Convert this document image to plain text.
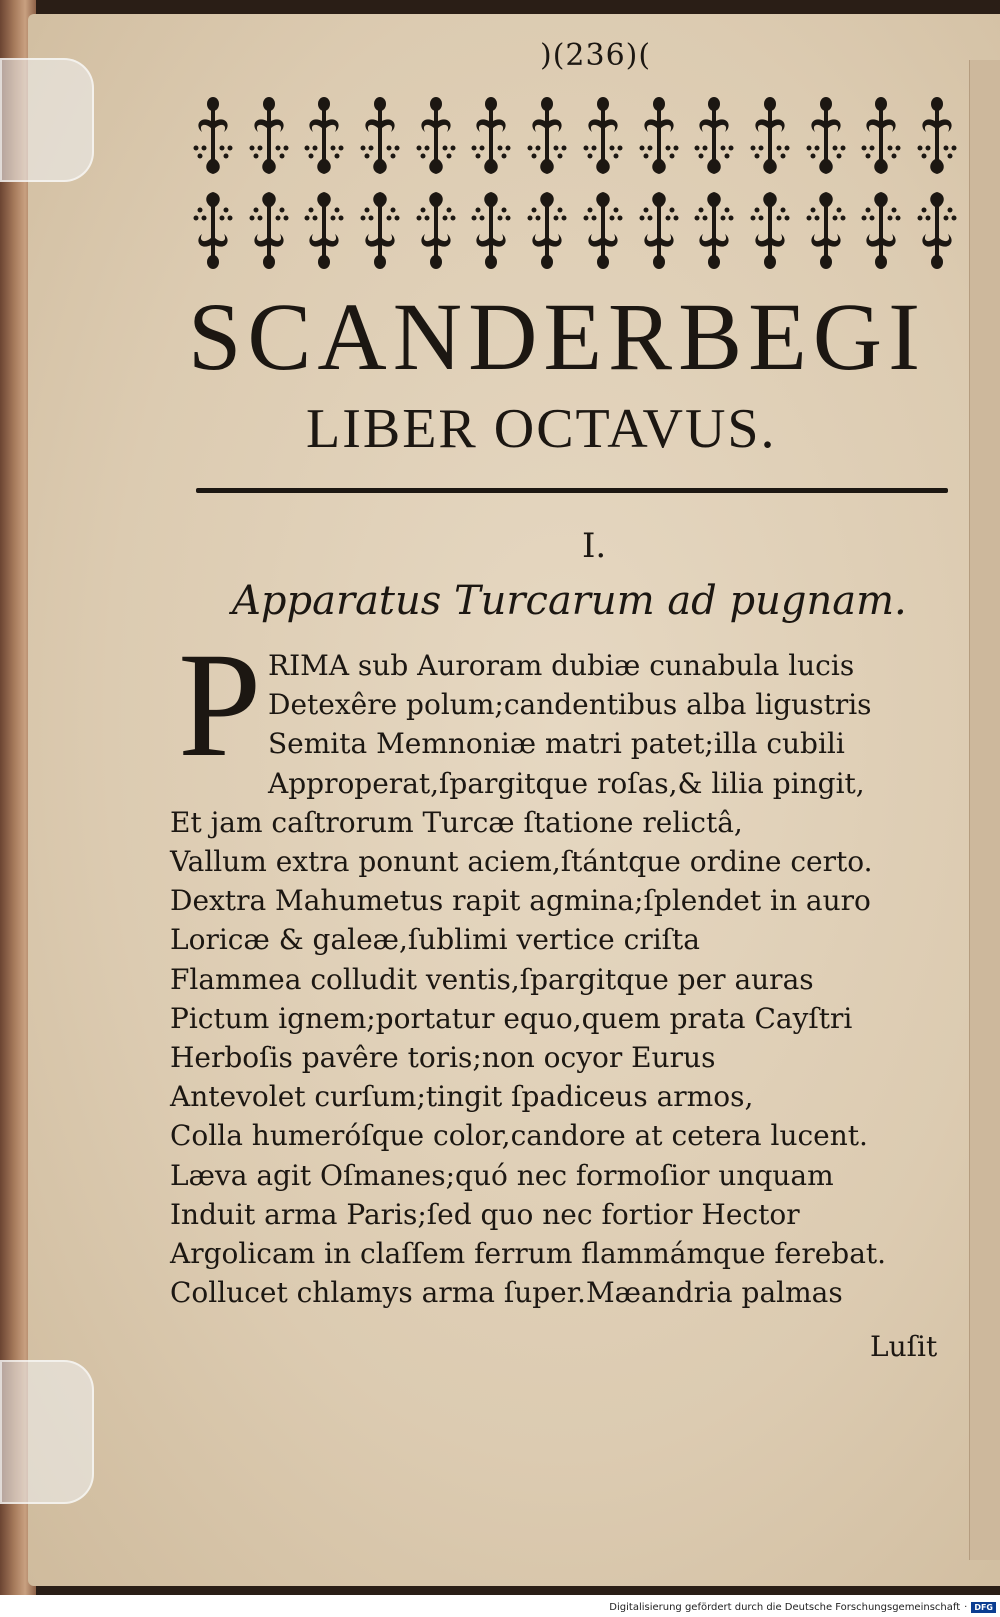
)(236)(
SCANDERBEGI
LIBER OCTAVUS.
I.
Apparatus Turcarum ad pugnam.
P RIMA sub Auroram dubiæ cunabula lucis
Detexêre polum;candentibus alba ligustris
Semita Memnoniæ matri patet;illa cubili
Approperat,ſpargitque roſas,& lilia pingit,
Et jam caſtrorum Turcæ ſtatione relictâ,
Vallum extra ponunt aciem,ſtántque ordine certo.
Dextra Mahumetus rapit agmina;ſplendet in auro
Loricæ & galeæ,ſublimi vertice criſta
Flammea colludit ventis,ſpargitque per auras
Pictum ignem;portatur equo,quem prata Cayſtri
Herboſis pavêre toris;non ocyor Eurus
Antevolet curſum;tingit ſpadiceus armos,
Colla humeróſque color,candore at cetera lucent.
Læva agit Oſmanes;quó nec formoſior unquam
Induit arma Paris;ſed quo nec fortior Hector
Argolicam in claſſem ferrum flammámque ferebat.
Collucet chlamys arma ſuper.Mæandria palmas
Luſit
Digitalisierung gefördert durch die Deutsche Forschungsgemeinschaft · DFG
